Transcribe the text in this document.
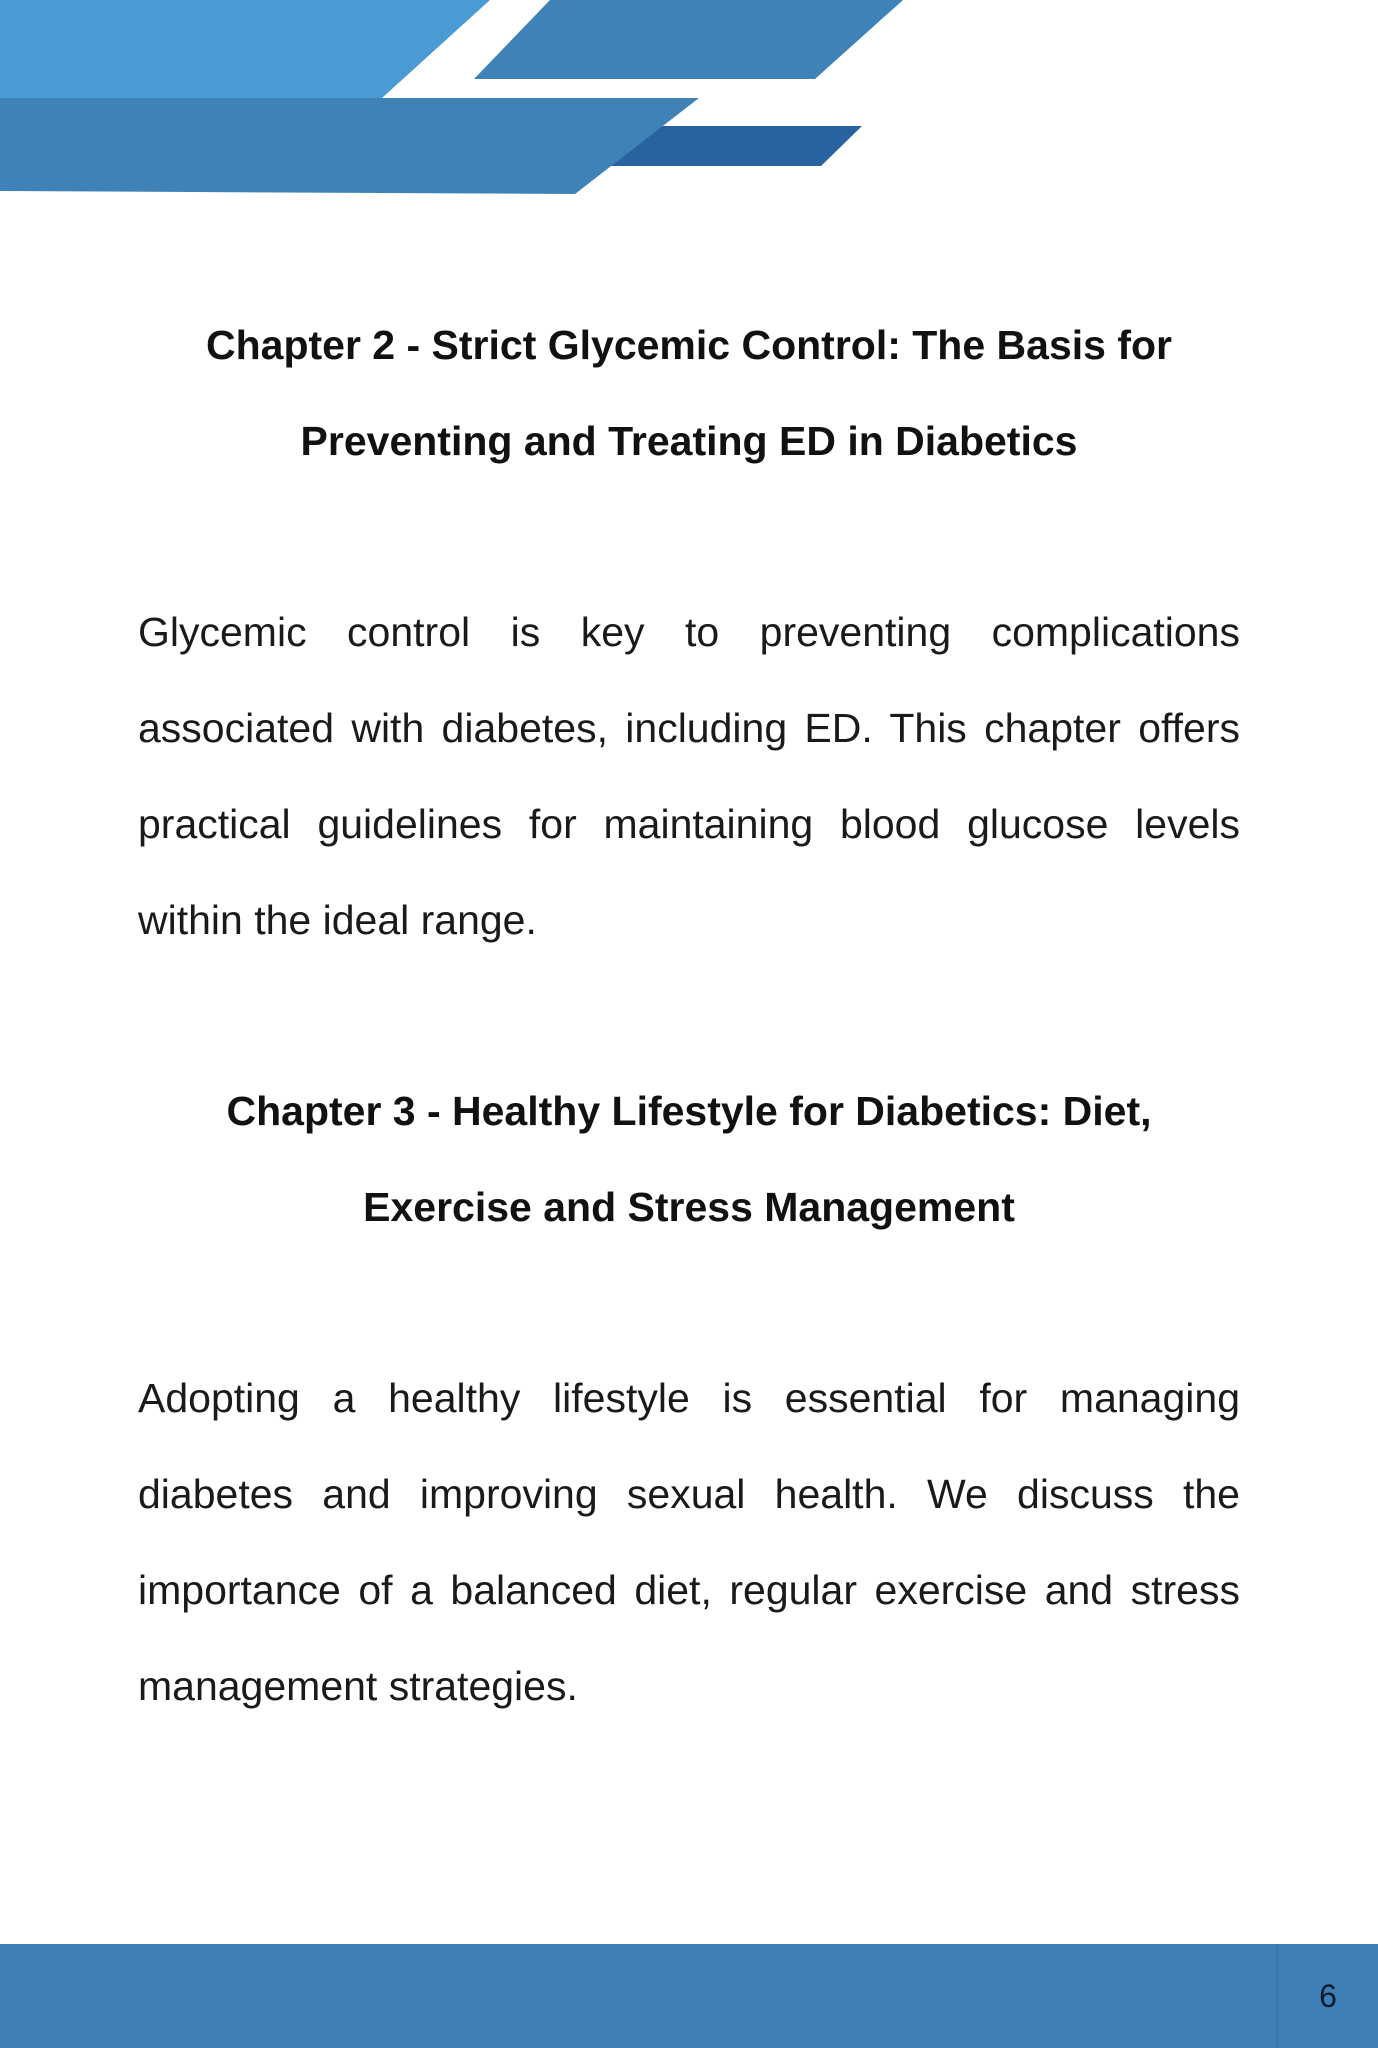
Chapter 2 - Strict Glycemic Control: The Basis for Preventing and Treating ED in Diabetics

Glycemic control is key to preventing complications associated with diabetes, including ED. This chapter offers practical guidelines for maintaining blood glucose levels within the ideal range.

Chapter 3 - Healthy Lifestyle for Diabetics: Diet, Exercise and Stress Management

Adopting a healthy lifestyle is essential for managing diabetes and improving sexual health. We discuss the importance of a balanced diet, regular exercise and stress management strategies.

6
